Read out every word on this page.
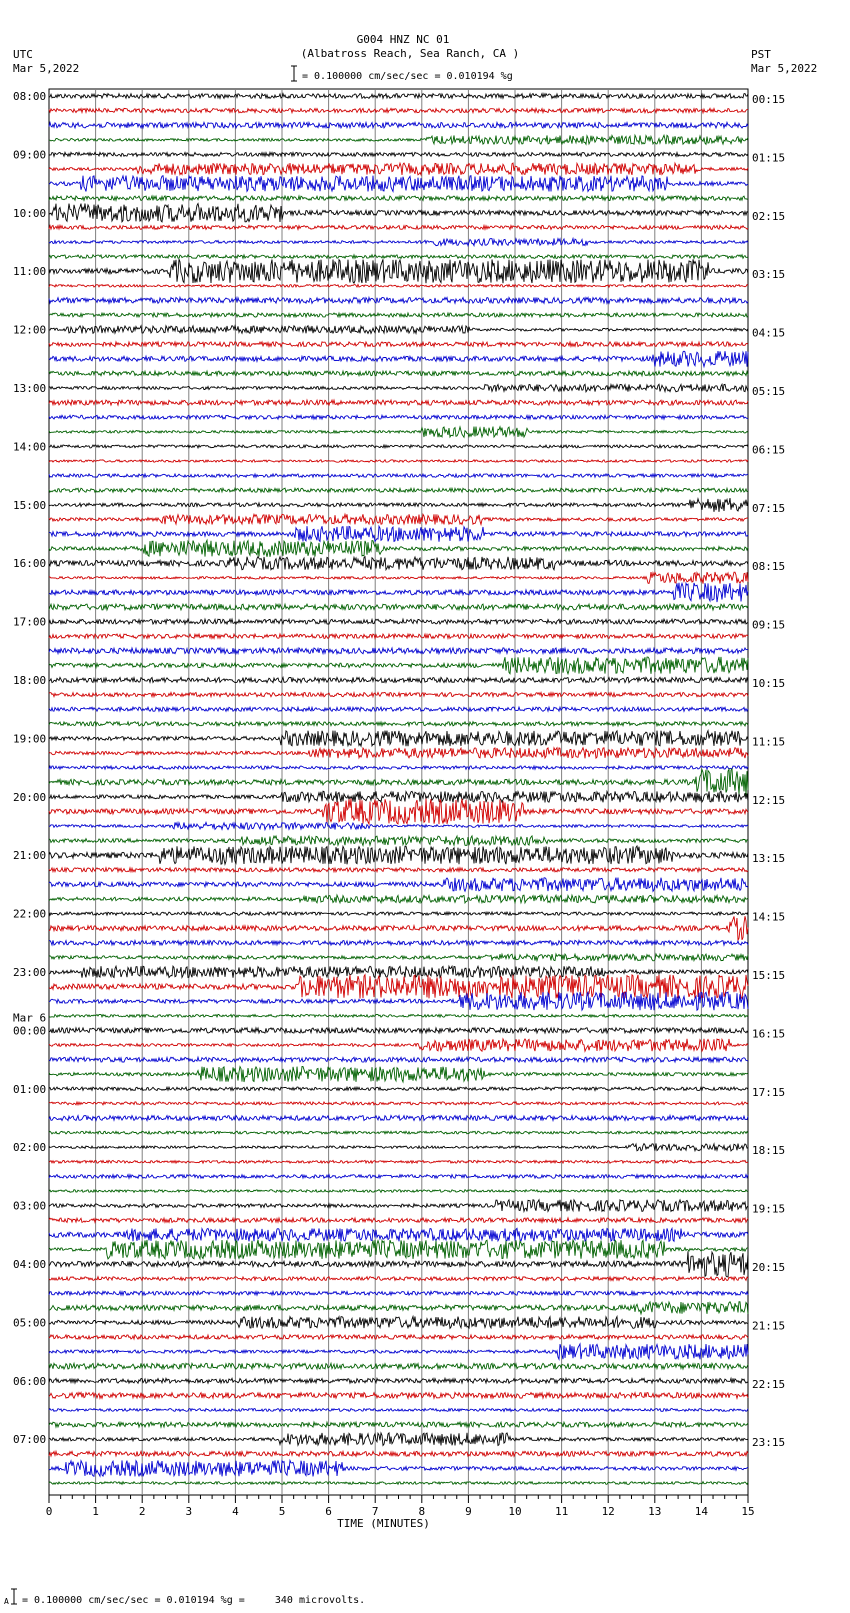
G004 HNZ NC 01
(Albatross Reach, Sea Ranch, CA )
UTC
Mar 5,2022
PST
Mar 5,2022
= 0.100000 cm/sec/sec = 0.010194 %g
08:00
09:00
10:00
11:00
12:00
13:00
14:00
15:00
16:00
17:00
18:00
19:00
20:00
21:00
22:00
23:00
00:00
01:00
02:00
03:00
04:00
05:00
06:00
07:00
Mar 6
00:15
01:15
02:15
03:15
04:15
05:15
06:15
07:15
08:15
09:15
10:15
11:15
12:15
13:15
14:15
15:15
16:15
17:15
18:15
19:15
20:15
21:15
22:15
23:15
0	1	2	3	4	5	6	7	8	9	10	11	12	13	14	15
TIME (MINUTES)
A = 0.100000 cm/sec/sec = 0.010194 %g =     340 microvolts.
